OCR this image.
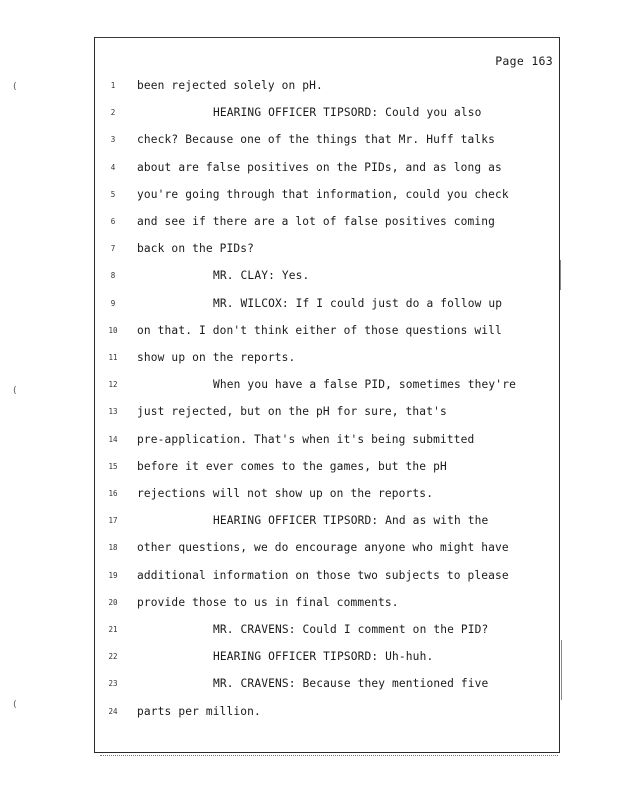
(
(
(
Page 163
1	been rejected solely on pH.
2	HEARING OFFICER TIPSORD: Could you also
3	check? Because one of the things that Mr. Huff talks
4	about are false positives on the PIDs, and as long as
5	you're going through that information, could you check
6	and see if there are a lot of false positives coming
7	back on the PIDs?
8	MR. CLAY: Yes.
9	MR. WILCOX: If I could just do a follow up
10	on that. I don't think either of those questions will
11	show up on the reports.
12	When you have a false PID, sometimes they're
13	just rejected, but on the pH for sure, that's
14	pre-application. That's when it's being submitted
15	before it ever comes to the games, but the pH
16	rejections will not show up on the reports.
17	HEARING OFFICER TIPSORD: And as with the
18	other questions, we do encourage anyone who might have
19	additional information on those two subjects to please
20	provide those to us in final comments.
21	MR. CRAVENS: Could I comment on the PID?
22	HEARING OFFICER TIPSORD: Uh-huh.
23	MR. CRAVENS: Because they mentioned five
24	parts per million.
